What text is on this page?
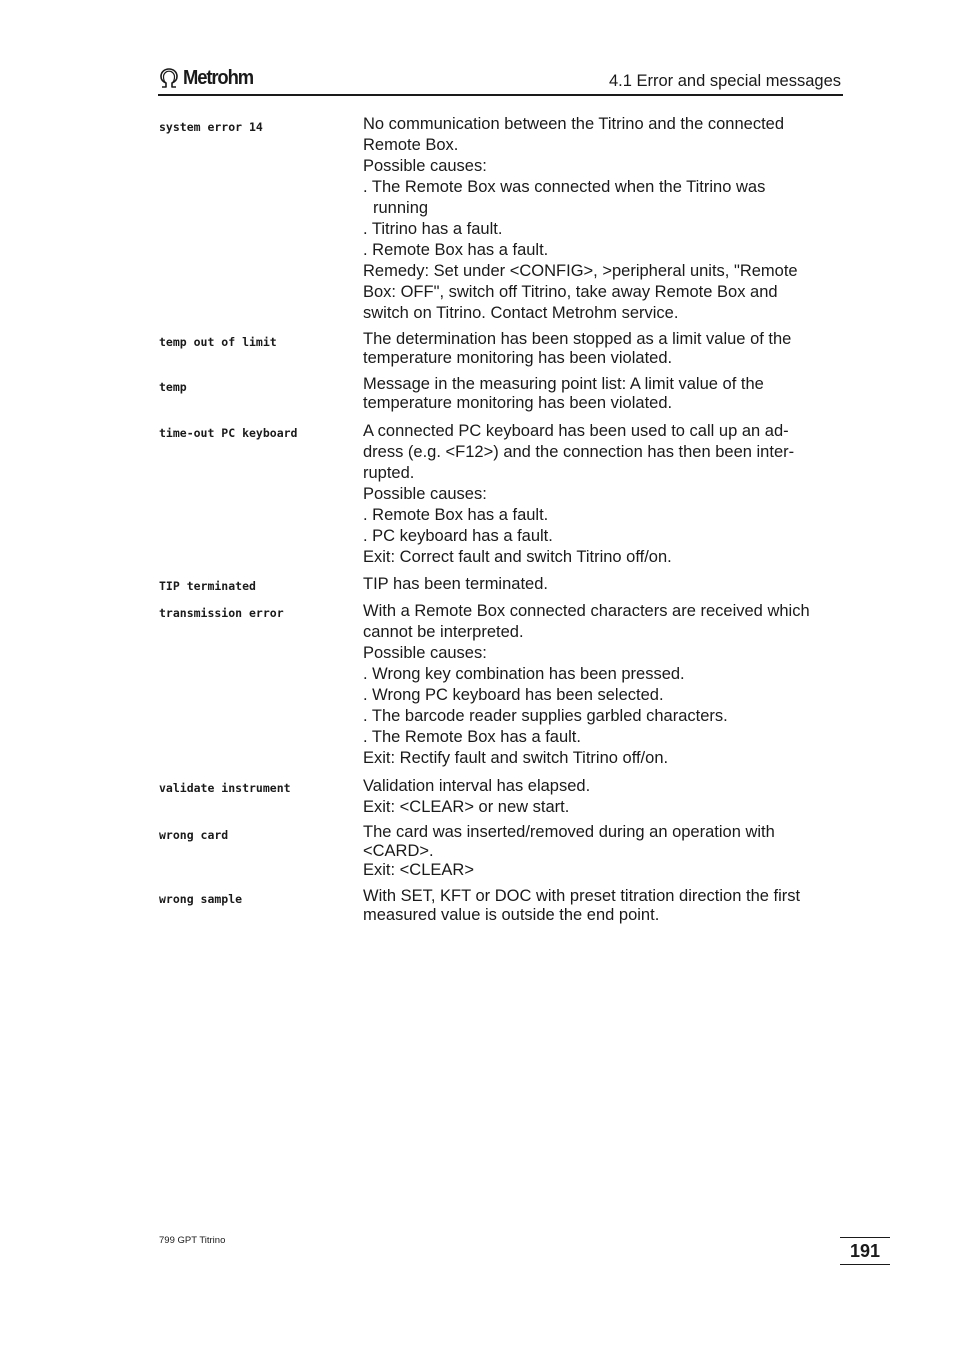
Metrohm	4.1 Error and special messages
system error 14	No communication between the Titrino and the connected
Remote Box.
Possible causes:
. The Remote Box was connected when the Titrino was
running
. Titrino has a fault.
. Remote Box has a fault.
Remedy: Set under <CONFIG>, >peripheral units, "Remote
Box: OFF", switch off Titrino, take away Remote Box and
switch on Titrino. Contact Metrohm service.
temp out of limit	The determination has been stopped as a limit value of the
temperature monitoring has been violated.
temp	Message in the measuring point list: A limit value of the
temperature monitoring has been violated.
time-out PC keyboard	A connected PC keyboard has been used to call up an ad-
dress (e.g. <F12>) and the connection has then been inter-
rupted.
Possible causes:
. Remote Box has a fault.
. PC keyboard has a fault.
Exit: Correct fault and switch Titrino off/on.
TIP terminated	TIP has been terminated.
transmission error	With a Remote Box connected characters are received which
cannot be interpreted.
Possible causes:
. Wrong key combination has been pressed.
. Wrong PC keyboard has been selected.
. The barcode reader supplies garbled characters.
. The Remote Box has a fault.
Exit: Rectify fault and switch Titrino off/on.
validate instrument	Validation interval has elapsed.
Exit: <CLEAR> or new start.
wrong card	The card was inserted/removed during an operation with
<CARD>.
Exit: <CLEAR>
wrong sample	With SET, KFT or DOC with preset titration direction the first
measured value is outside the end point.
799 GPT Titrino
191
